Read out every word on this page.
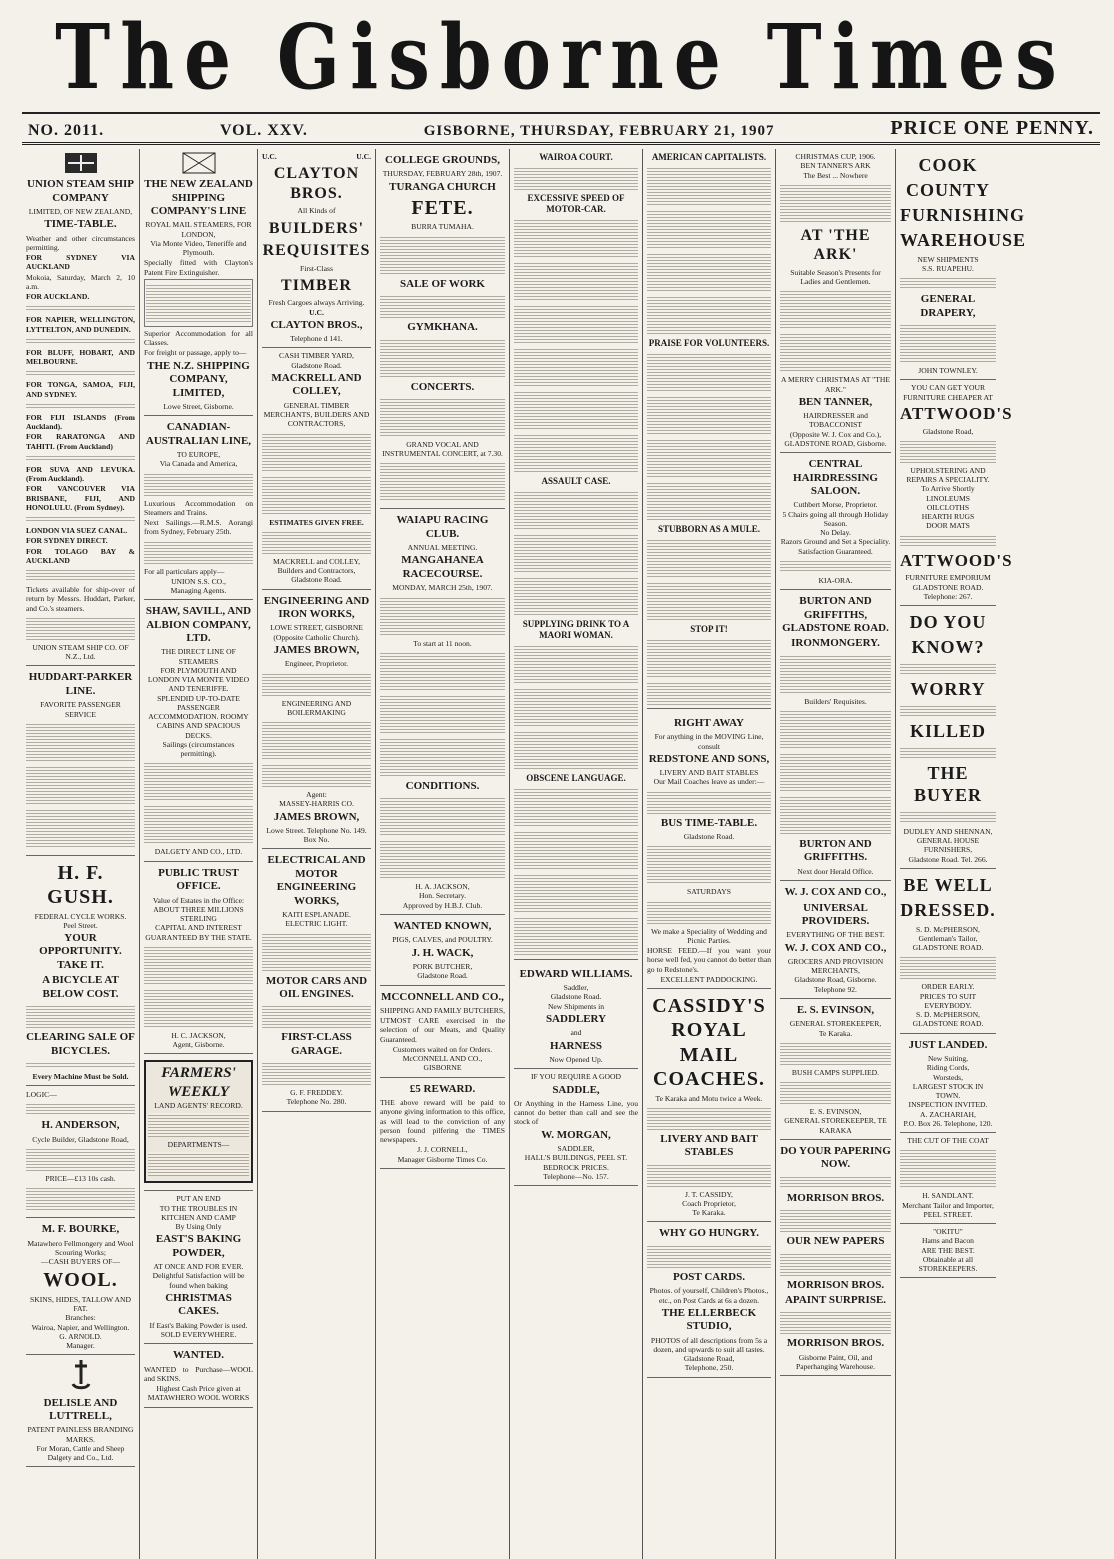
The Gisborne Times
NO. 2011.	VOL. XXV.	GISBORNE, THURSDAY, FEBRUARY 21, 1907	PRICE ONE PENNY.
UNION STEAM SHIP COMPANY
LIMITED, OF NEW ZEALAND,
TIME-TABLE.

Weather and other circumstances permitting.

FOR SYDNEY VIA AUCKLAND

Mokoia, Saturday, March 2, 10 a.m.

FOR AUCKLAND.

FOR NAPIER, WELLINGTON, LYTTELTON, AND DUNEDIN.

FOR BLUFF, HOBART, AND MELBOURNE.

FOR TONGA, SAMOA, FIJI, AND SYDNEY.

FOR FIJI ISLANDS (From Auckland).

FOR RARATONGA AND TAHITI. (From Auckland)

FOR SUVA AND LEVUKA. (From Auckland).

FOR VANCOUVER VIA BRISBANE, FIJI, AND HONOLULU. (From Sydney).

LONDON VIA SUEZ CANAL.

FOR SYDNEY DIRECT.

FOR TOLAGO BAY & AUCKLAND

Tickets available for ship-over of return by Messrs. Huddart, Parker, and Co.'s steamers.

UNION STEAM SHIP CO. OF N.Z., Ltd.
HUDDART-PARKER LINE.
FAVORITE PASSENGER SERVICE
H. F. GUSH.
FEDERAL CYCLE WORKS.
Peel Street.
YOUR OPPORTUNITY. TAKE IT.
A BICYCLE AT BELOW COST.
CLEARING SALE OF BICYCLES.
Every Machine Must be Sold.

LOGIC—

H. ANDERSON,
Cycle Builder, Gladstone Road,
PRICE—£13 10s cash.
M. F. BOURKE,
Matawhero Fellmongery and Wool Scouring Works;
—CASH BUYERS OF—
WOOL.
SKINS, HIDES, TALLOW AND FAT.
Branches:
Wairoa, Napier, and Wellington.
G. ARNOLD.
Manager.
DELISLE AND LUTTRELL,
PATENT PAINLESS BRANDING
MARKS.
For Moran, Cattle and Sheep
Dalgety and Co., Ltd.
THE NEW ZEALAND SHIPPING COMPANY'S LINE
ROYAL MAIL STEAMERS, FOR LONDON,
Via Monte Video, Teneriffe and Plymouth.

Specially fitted with Clayton's Patent Fire Extinguisher.

Superior Accommodation for all Classes.

For freight or passage, apply to—

THE N.Z. SHIPPING COMPANY, LIMITED,
Lowe Street, Gisborne.
CANADIAN-AUSTRALIAN LINE,
TO EUROPE,
Via Canada and America,

Luxurious Accommodation on Steamers and Trains.

Next Sailings.—R.M.S. Aorangi from Sydney, February 25th.

For all particulars apply—

UNION S.S. CO.,
Managing Agents.
SHAW, SAVILL, AND ALBION COMPANY, LTD.
THE DIRECT LINE OF STEAMERS
FOR PLYMOUTH AND LONDON VIA MONTE VIDEO AND TENERIFFE.
SPLENDID UP-TO-DATE PASSENGER ACCOMMODATION. ROOMY CABINS AND SPACIOUS DECKS.
Sailings (circumstances permitting).
DALGETY AND CO., LTD.
PUBLIC TRUST OFFICE.
Value of Estates in the Office: ABOUT THREE MILLIONS STERLING
CAPITAL AND INTEREST GUARANTEED BY THE STATE.
H. C. JACKSON,
Agent, Gisborne.
FARMERS' WEEKLY
LAND AGENTS' RECORD.
DEPARTMENTS—
PUT AN END
TO THE TROUBLES IN KITCHEN AND CAMP
By Using Only
EAST'S BAKING POWDER,
AT ONCE AND FOR EVER.
Delightful Satisfaction will be found when baking
CHRISTMAS CAKES.
If East's Baking Powder is used.
SOLD EVERYWHERE.
WANTED.

WANTED to Purchase—WOOL and SKINS.

Highest Cash Price given at
MATAWHERO WOOL WORKS
U.C.	U.C.
CLAYTON BROS.
All Kinds of
BUILDERS'
REQUISITES
First-Class
TIMBER
Fresh Cargoes always Arriving.
U.C.
CLAYTON BROS.,
Telephone d 141.
CASH TIMBER YARD,
Gladstone Road.
MACKRELL AND COLLEY,
GENERAL TIMBER MERCHANTS, BUILDERS AND CONTRACTORS,
ESTIMATES GIVEN FREE.
MACKRELL and COLLEY,
Builders and Contractors, Gladstone Road.
ENGINEERING AND IRON WORKS,
LOWE STREET, GISBORNE
(Opposite Catholic Church).
JAMES BROWN,
Engineer, Proprietor.
ENGINEERING AND BOILERMAKING
Agent:
MASSEY-HARRIS CO.
JAMES BROWN,
Lowe Street. Telephone No. 149. Box No.
ELECTRICAL AND MOTOR ENGINEERING WORKS,
KAITI ESPLANADE.
ELECTRIC LIGHT.
MOTOR CARS AND OIL ENGINES.
FIRST-CLASS GARAGE.
G. F. FREDDEY.
Telephone No. 280.
COLLEGE GROUNDS,
THURSDAY, FEBRUARY 28th, 1907.
TURANGA CHURCH
FETE.
BURRA TUMAHA.
SALE OF WORK
GYMKHANA.
CONCERTS.
GRAND VOCAL AND INSTRUMENTAL CONCERT, at 7.30.
WAIAPU RACING CLUB.
ANNUAL MEETING.
MANGAHANEA RACECOURSE.
MONDAY, MARCH 25th, 1907.
To start at 11 noon.
CONDITIONS.
H. A. JACKSON,
Hon. Secretary.
Approved by H.B.J. Club.
WANTED KNOWN,
PIGS, CALVES, and POULTRY.
J. H. WACK,
PORK BUTCHER,
Gladstone Road.
MCCONNELL AND CO.,
SHIPPING AND FAMILY BUTCHERS,

UTMOST CARE exercised in the selection of our Meats, and Quality Guaranteed.

Customers waited on for Orders.
McCONNELL AND CO.,
GISBORNE
£5 REWARD.

THE above reward will be paid to anyone giving information to this office, as will lead to the conviction of any person found pilfering the TIMES newspapers.

J. J. CORNELL,
Manager Gisborne Times Co.
WAIROA COURT.
EXCESSIVE SPEED OF MOTOR-CAR.
ASSAULT CASE.
SUPPLYING DRINK TO A MAORI WOMAN.
OBSCENE LANGUAGE.
EDWARD WILLIAMS.
Saddler,
Gladstone Road.
New Shipments in
SADDLERY
and
HARNESS
Now Opened Up.
IF YOU REQUIRE A GOOD
SADDLE,

Or Anything in the Harness Line, you cannot do better than call and see the stock of

W. MORGAN,
SADDLER,
HALL'S BUILDINGS, PEEL ST.
BEDROCK PRICES.
Telephone—No. 157.
AMERICAN CAPITALISTS.
PRAISE FOR VOLUNTEERS.
STUBBORN AS A MULE.
STOP IT!
RIGHT AWAY
For anything in the MOVING Line, consult
REDSTONE AND SONS,
LIVERY AND BAIT STABLES
Our Mail Coaches leave as under:—
BUS TIME-TABLE.
Gladstone Road.
SATURDAYS
We make a Speciality of Wedding and Picnic Parties.

HORSE FEED.—If you want your horse well fed, you cannot do better than go to Redstone's.

EXCELLENT PADDOCKING.
CASSIDY'S ROYAL MAIL COACHES.
Te Karaka and Motu twice a Week.
LIVERY AND BAIT STABLES
J. T. CASSIDY,
Coach Proprietor,
Te Karaka.
WHY GO HUNGRY.
POST CARDS.
Photos. of yourself, Children's Photos., etc., on Post Cards at 6s a dozen.
THE ELLERBECK STUDIO,
PHOTOS of all descriptions from 5s a dozen, and upwards to suit all tastes.
Gladstone Road,
Telephone, 250.
CHRISTMAS CUP, 1906.
BEN TANNER'S ARK
The Best ... Nowhere
AT 'THE ARK'
Suitable Season's Presents for Ladies and Gentlemen.
A MERRY CHRISTMAS AT "THE ARK."
BEN TANNER,
HAIRDRESSER and TOBACCONIST
(Opposite W. J. Cox and Co.), GLADSTONE ROAD, Gisborne.
CENTRAL HAIRDRESSING SALOON.
Cuthbert Morse, Proprietor.
5 Chairs going all through Holiday Season.
No Delay.
Razors Ground and Set a Speciality. Satisfaction Guaranteed.
KIA-ORA.
BURTON AND GRIFFITHS, GLADSTONE ROAD.
IRONMONGERY.
Builders' Requisites.
BURTON AND GRIFFITHS.
Next door Herald Office.
W. J. COX AND CO.,
UNIVERSAL PROVIDERS.
EVERYTHING OF THE BEST.
W. J. COX AND CO.,
GROCERS AND PROVISION MERCHANTS,
Gladstone Road, Gisborne.
Telephone 92.
E. S. EVINSON,
GENERAL STOREKEEPER,
Te Karaka.
BUSH CAMPS SUPPLIED.
E. S. EVINSON,
GENERAL STOREKEEPER, TE KARAKA
DO YOUR PAPERING NOW.
MORRISON BROS.
OUR NEW PAPERS
MORRISON BROS.
APAINT SURPRISE.
MORRISON BROS.
Gisborne Paint, Oil, and Paperhanging Warehouse.
COOK
COUNTY
FURNISHING
WAREHOUSE
NEW SHIPMENTS
S.S. RUAPEHU.
GENERAL DRAPERY,
JOHN TOWNLEY.
YOU CAN GET YOUR FURNITURE CHEAPER AT
ATTWOOD'S
Gladstone Road,
UPHOLSTERING AND REPAIRS A SPECIALITY.
To Arrive Shortly
LINOLEUMS
OILCLOTHS
HEARTH RUGS
DOOR MATS
ATTWOOD'S
FURNITURE EMPORIUM
GLADSTONE ROAD.
Telephone: 267.
DO YOU
KNOW?
WORRY
KILLED
THE BUYER
DUDLEY AND SHENNAN,
GENERAL HOUSE FURNISHERS,
Gladstone Road. Tel. 266.
BE WELL
DRESSED.
S. D. McPHERSON,
Gentleman's Tailor,
GLADSTONE ROAD.
ORDER EARLY.
PRICES TO SUIT EVERYBODY.
S. D. McPHERSON,
GLADSTONE ROAD.
JUST LANDED.
New Suiting,
Riding Cords,
Worsteds,
LARGEST STOCK IN TOWN.
INSPECTION INVITED.
A. ZACHARIAH,
P.O. Box 26. Telephone, 120.
THE CUT OF THE COAT
H. SANDLANT.
Merchant Tailor and Importer,
PEEL STREET.
"OKITU"
Hams and Bacon
ARE THE BEST.
Obtainable at all STOREKEEPERS.
